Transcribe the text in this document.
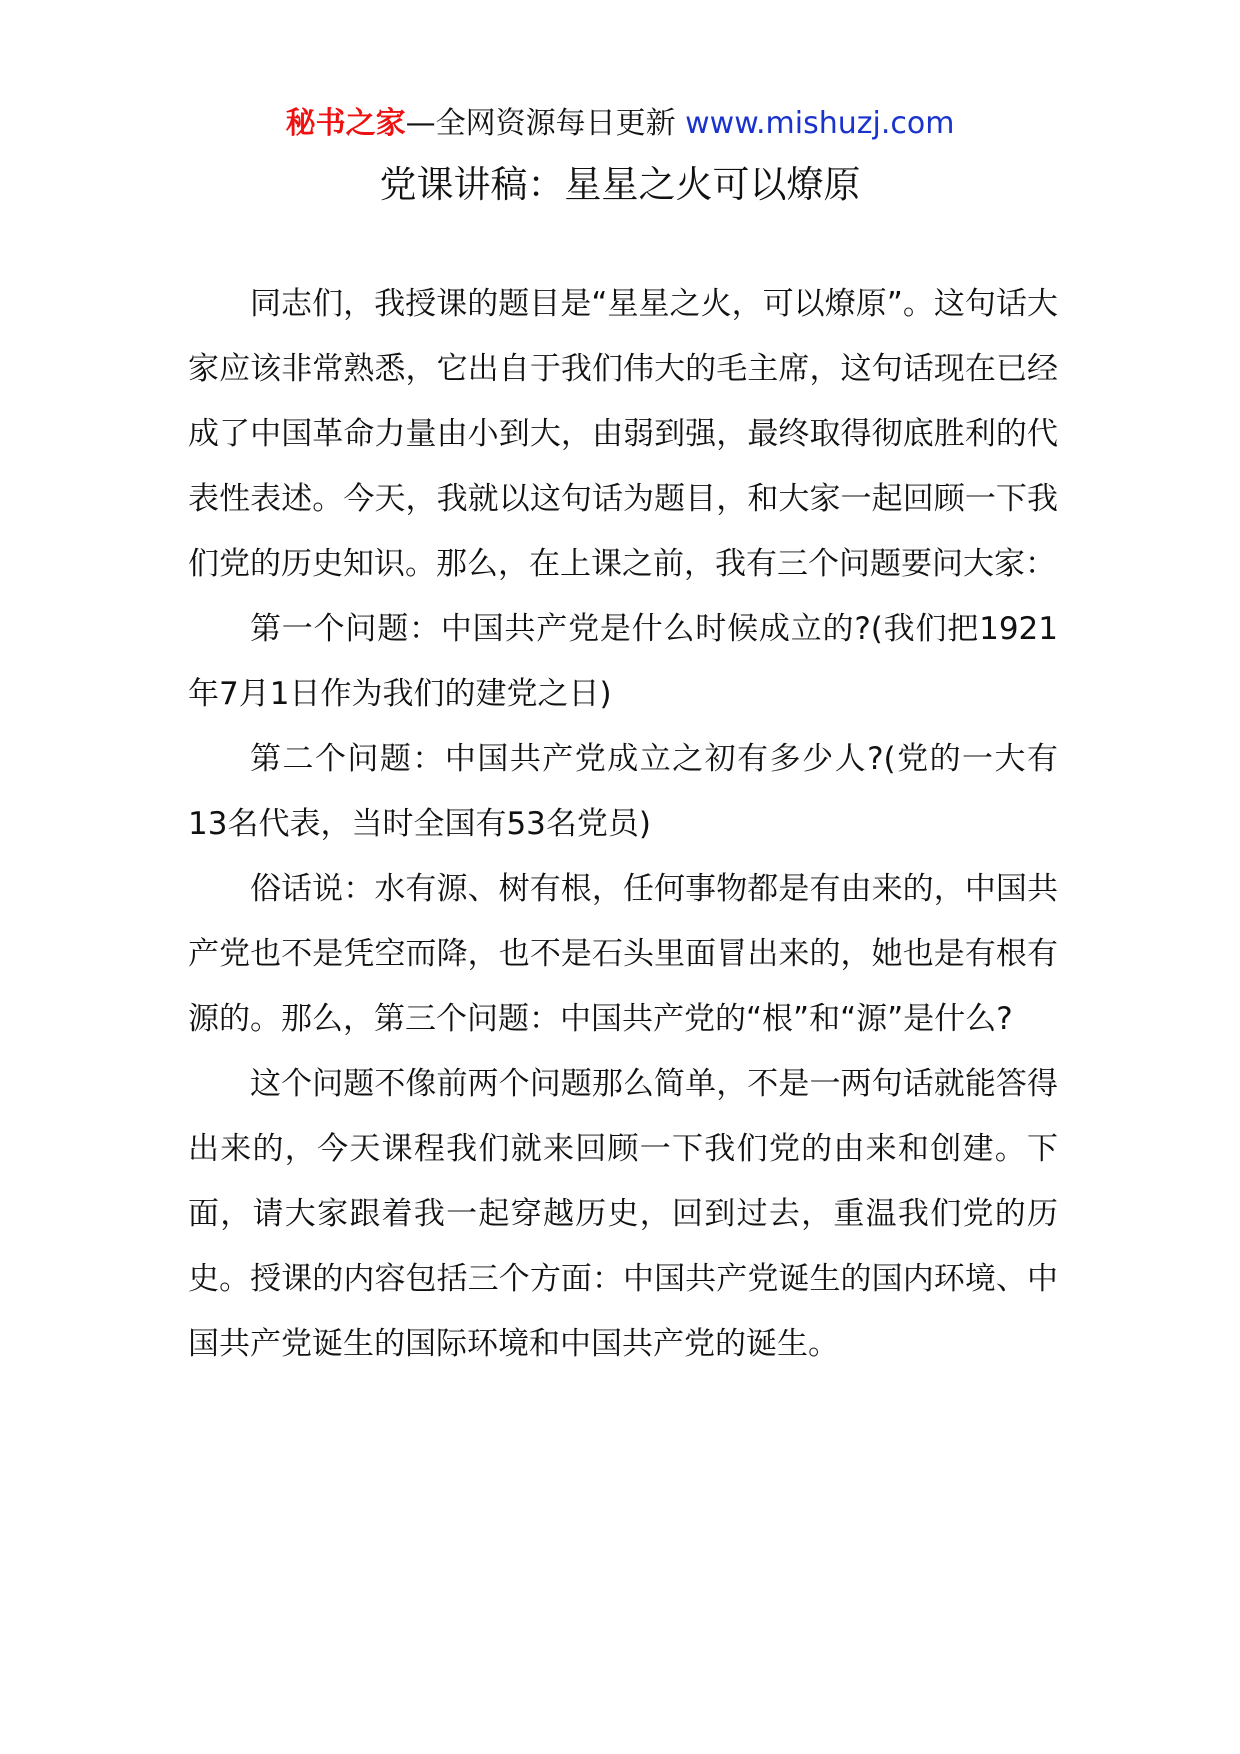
秘书之家—全网资源每日更新 www.mishuzj.com
党课讲稿：星星之火可以燎原

同志们，我授课的题目是“星星之火，可以燎原”。这句话大家应该非常熟悉，它出自于我们伟大的毛主席，这句话现在已经成了中国革命力量由小到大，由弱到强，最终取得彻底胜利的代表性表述。今天，我就以这句话为题目，和大家一起回顾一下我们党的历史知识。那么，在上课之前，我有三个问题要问大家：

第一个问题：中国共产党是什么时候成立的?(我们把1921年7月1日作为我们的建党之日)

第二个问题：中国共产党成立之初有多少人?(党的一大有13名代表，当时全国有53名党员)

俗话说：水有源、树有根，任何事物都是有由来的，中国共产党也不是凭空而降，也不是石头里面冒出来的，她也是有根有源的。那么，第三个问题：中国共产党的“根”和“源”是什么?

这个问题不像前两个问题那么简单，不是一两句话就能答得出来的，今天课程我们就来回顾一下我们党的由来和创建。下面，请大家跟着我一起穿越历史，回到过去，重温我们党的历史。授课的内容包括三个方面：中国共产党诞生的国内环境、中国共产党诞生的国际环境和中国共产党的诞生。
